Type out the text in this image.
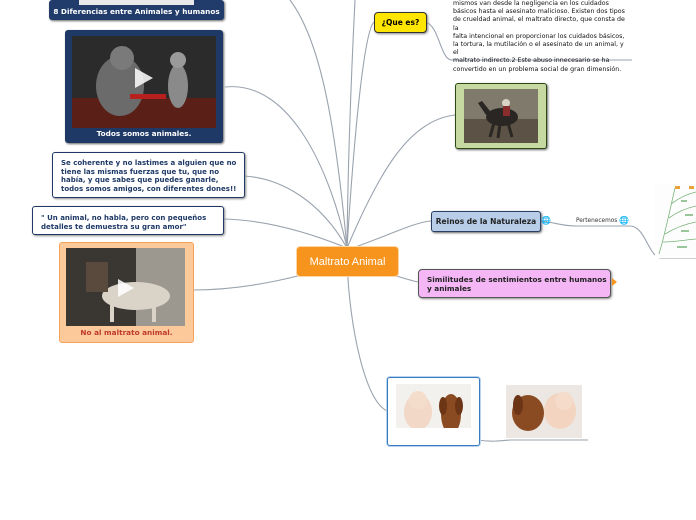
Maltrato Animal
¿Que es?
mismos van desde la negligencia en los cuidados
básicos hasta el asesinato malicioso. Existen dos tipos
de crueldad animal, el maltrato directo, que consta de la
falta intencional en proporcionar los cuidados básicos,
la tortura, la mutilación o el asesinato de un animal, y el
maltrato indirecto.2 Este abuso innecesario se ha
convertido en un problema social de gran dimensión.
Reinos de la Naturaleza 🌐	Pertenecemos 🌐
Similitudes de sentimientos entre humanos y animales
8 Diferencias entre Animales y humanos
Todos somos animales.
Se coherente y no lastimes a alguien que no tiene las mismas fuerzas que tu, que no había, y que sabes que puedes ganarle, todos somos amigos, con diferentes dones!!
" Un animal, no habla, pero con pequeños detalles te demuestra su gran amor"
No al maltrato animal.
